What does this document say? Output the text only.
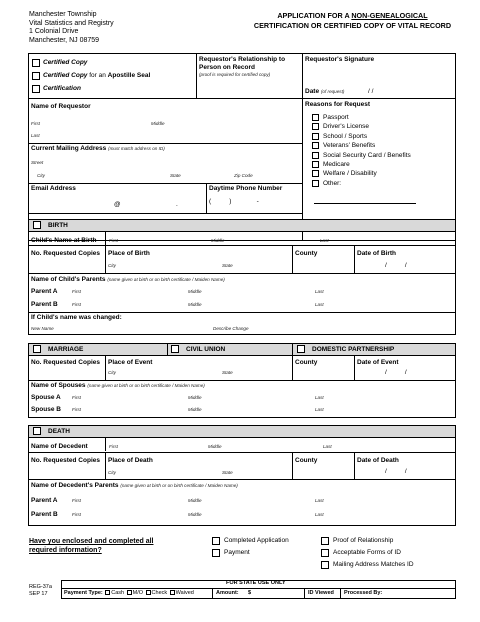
Manchester Township
Vital Statistics and Registry
1 Colonial Drive
Manchester, NJ 08759
APPLICATION FOR A NON-GENEALOGICAL
CERTIFICATION OR CERTIFIED COPY OF VITAL RECORD
Certified Copy
Certified Copy for an Apostille Seal
Certification
Requestor's Relationship to
Person on Record
(proof is required for certified copy)
Requestor's Signature
Date (of request)	/ /
Name of Requestor
First	Middle
Last
Current Mailing Address (must match address on ID)
Street
City	State	Zip Code
Email Address
@	.
Daytime Phone Number
(          )              -
Reasons for Request
Passport
Driver's License
School / Sports
Veterans' Benefits
Social Security Card / Benefits
Medicare
Welfare / Disability
Other:
BIRTH
Child's Name at Birth	First	Middle	Last
No. Requested Copies Place of Birth
City	State
County	Date of Birth
/          /
Name of Child's Parents (name given at birth or on birth certificate / Maiden Name)
Parent A	First	Middle	Last
Parent B	First	Middle	Last
If Child's name was changed:
New Name	Describe Change
MARRIAGE	CIVIL UNION	DOMESTIC PARTNERSHIP
No. Requested Copies Place of Event
City	State
County	Date of Event
/          /
Name of Spouses (name given at birth or on birth certificate / Maiden Name)
Spouse A First	Middle	Last
Spouse B First	Middle	Last
DEATH
Name of Decedent	First	Middle	Last
No. Requested Copies Place of Death
City	State
County	Date of Death
/          /
Name of Decedent's Parents (name given at birth or on birth certificate / Maiden Name)
Parent A	First	Middle	Last
Parent B	First	Middle	Last
Have you enclosed and completed all
required information?
Completed Application
Payment
Proof of Relationship
Acceptable Forms of ID
Mailing Address Matches ID
REG-37a
SEP 17
FOR STATE USE ONLY
Payment Type: Cash M/O Check Waived	Amount: $	ID Viewed Processed By:
